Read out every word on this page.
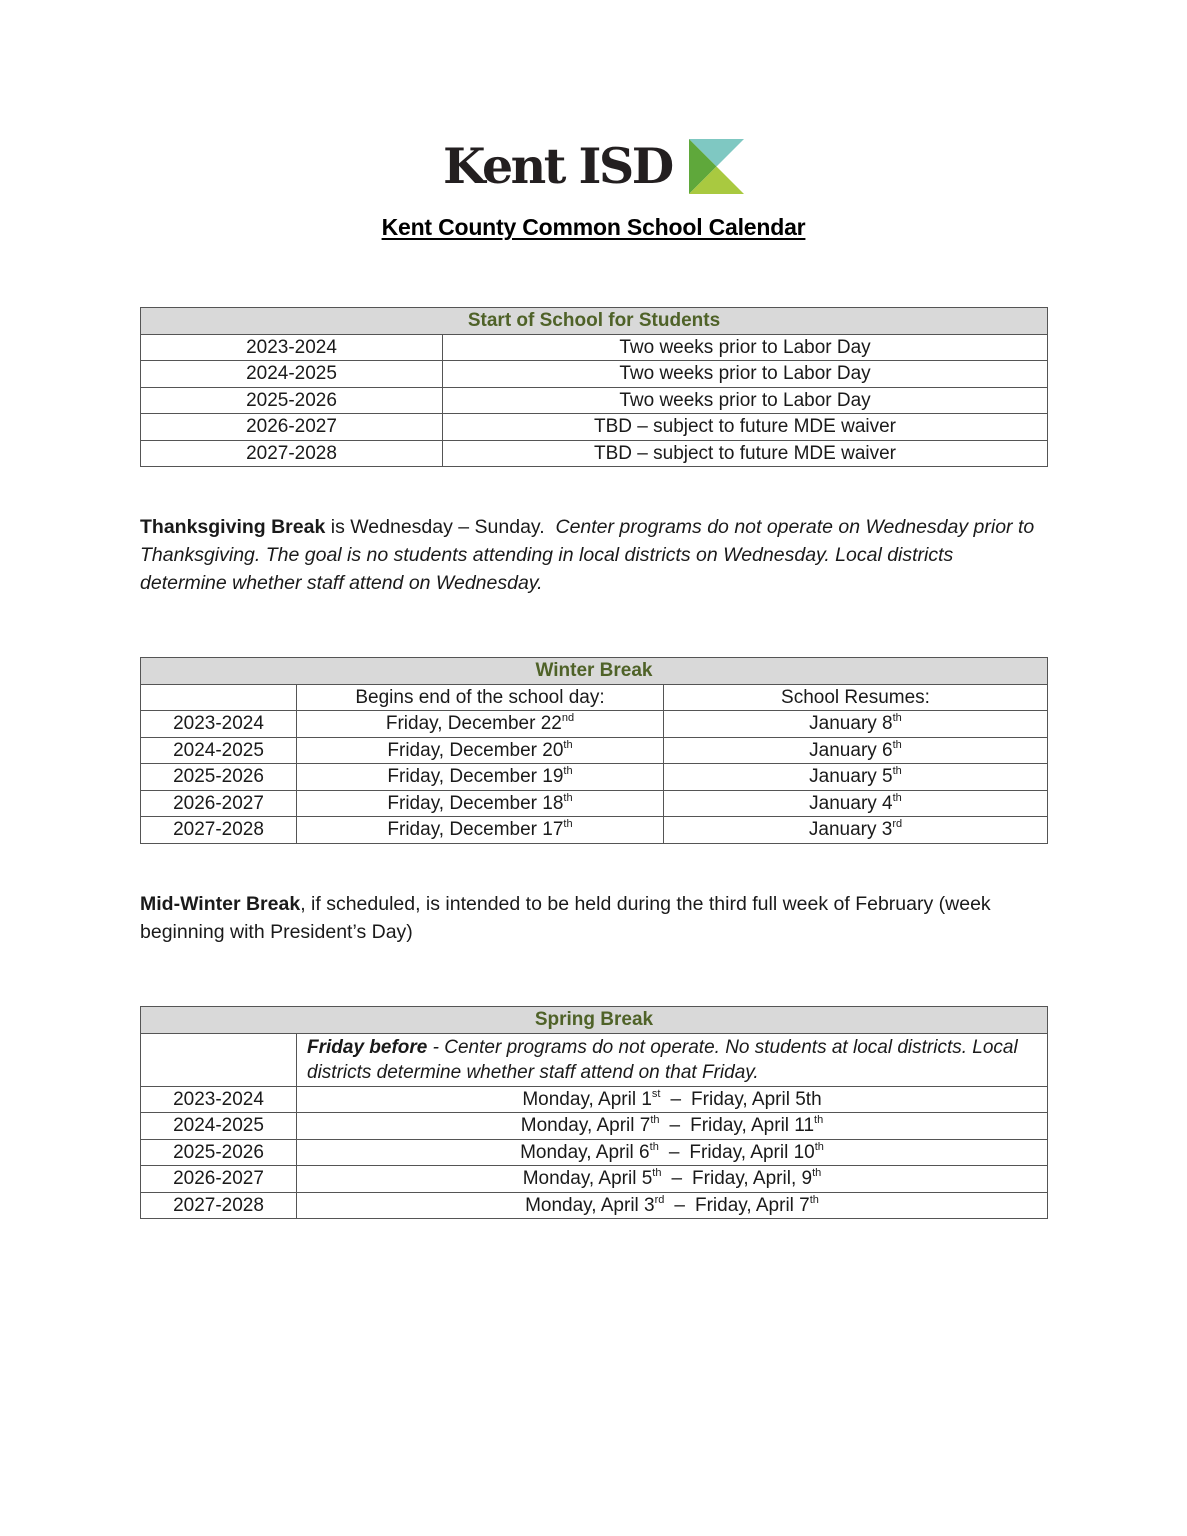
Kent ISD
Kent County Common School Calendar
Start of School for Students	
2023-2024	Two weeks prior to Labor Day
2024-2025	Two weeks prior to Labor Day
2025-2026	Two weeks prior to Labor Day
2026-2027	TBD – subject to future MDE waiver
2027-2028	TBD – subject to future MDE waiver
Thanksgiving Break is Wednesday – Sunday.  Center programs do not operate on Wednesday prior to Thanksgiving. The goal is no students attending in local districts on Wednesday. Local districts determine whether staff attend on Wednesday.
Winter Break		
	Begins end of the school day:	School Resumes:
2023-2024	Friday, December 22nd	January 8th
2024-2025	Friday, December 20th	January 6th
2025-2026	Friday, December 19th	January 5th
2026-2027	Friday, December 18th	January 4th
2027-2028	Friday, December 17th	January 3rd
Mid-Winter Break, if scheduled, is intended to be held during the third full week of February (week beginning with President’s Day)
Spring Break	
	Friday before - Center programs do not operate. No students at local districts. Local districts determine whether staff attend on that Friday.
2023-2024	Monday, April 1st – Friday, April 5th
2024-2025	Monday, April 7th – Friday, April 11th
2025-2026	Monday, April 6th – Friday, April 10th
2026-2027	Monday, April 5th – Friday, April, 9th
2027-2028	Monday, April 3rd – Friday, April 7th
